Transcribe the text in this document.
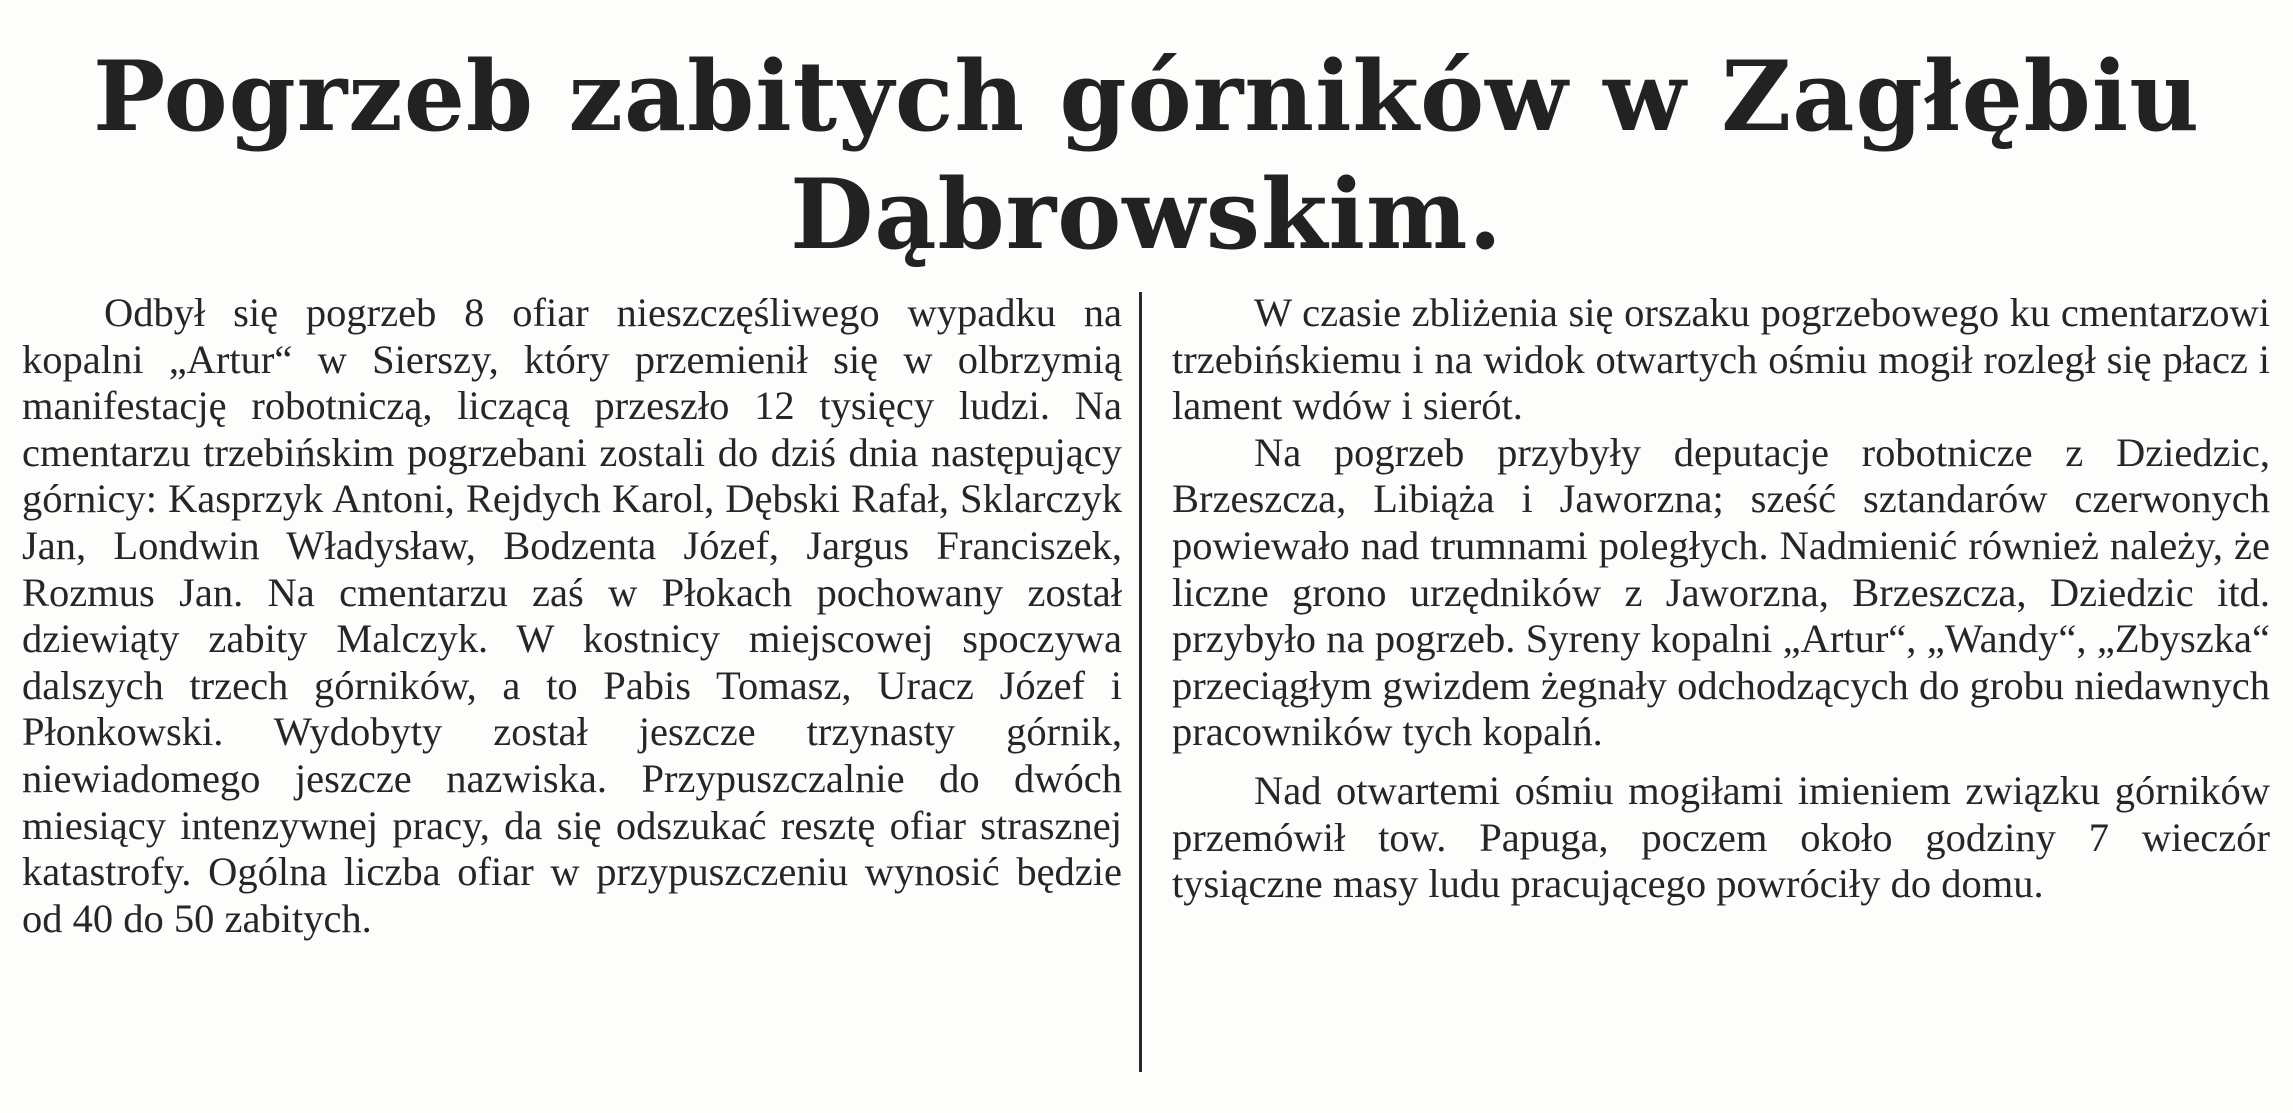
Pogrzeb zabitych górników w Zagłębiu
Dąbrowskim.

Odbył się pogrzeb 8 ofiar nieszczęśliwego wypadku na kopalni „Artur“ w Sierszy, który przemienił się w olbrzymią manifestację robotniczą, liczącą przeszło 12 tysięcy ludzi. Na cmentarzu trzebińskim pogrzebani zostali do dziś dnia następujący górnicy: Kasprzyk Antoni, Rejdych Karol, Dębski Rafał, Sklarczyk Jan, Londwin Władysław, Bodzenta Józef, Jargus Franciszek, Rozmus Jan. Na cmentarzu zaś w Płokach pochowany został dziewiąty zabity Malczyk. W kostnicy miejscowej spoczywa dalszych trzech górników, a to Pabis Tomasz, Uracz Józef i Płonkowski. Wydobyty został jeszcze trzynasty górnik, niewiadomego jeszcze nazwiska. Przypuszczalnie do dwóch miesiący intenzywnej pracy, da się odszukać resztę ofiar strasznej katastrofy. Ogólna liczba ofiar w przypuszczeniu wynosić będzie od 40 do 50 zabitych.

W czasie zbliżenia się orszaku pogrzebowego ku cmentarzowi trzebińskiemu i na widok otwartych ośmiu mogił rozległ się płacz i lament wdów i sierót.

Na pogrzeb przybyły deputacje robotnicze z Dziedzic, Brzeszcza, Libiąża i Jaworzna; sześć sztandarów czerwonych powiewało nad trumnami poległych. Nadmienić również należy, że liczne grono urzędników z Jaworzna, Brzeszcza, Dziedzic itd. przybyło na pogrzeb. Syreny kopalni „Artur“, „Wandy“, „Zbyszka“ przeciągłym gwizdem żegnały odchodzących do grobu niedawnych pracowników tych kopalń.

Nad otwartemi ośmiu mogiłami imieniem związku górników przemówił tow. Papuga, poczem około godziny 7 wieczór tysiączne masy ludu pracującego powróciły do domu.
